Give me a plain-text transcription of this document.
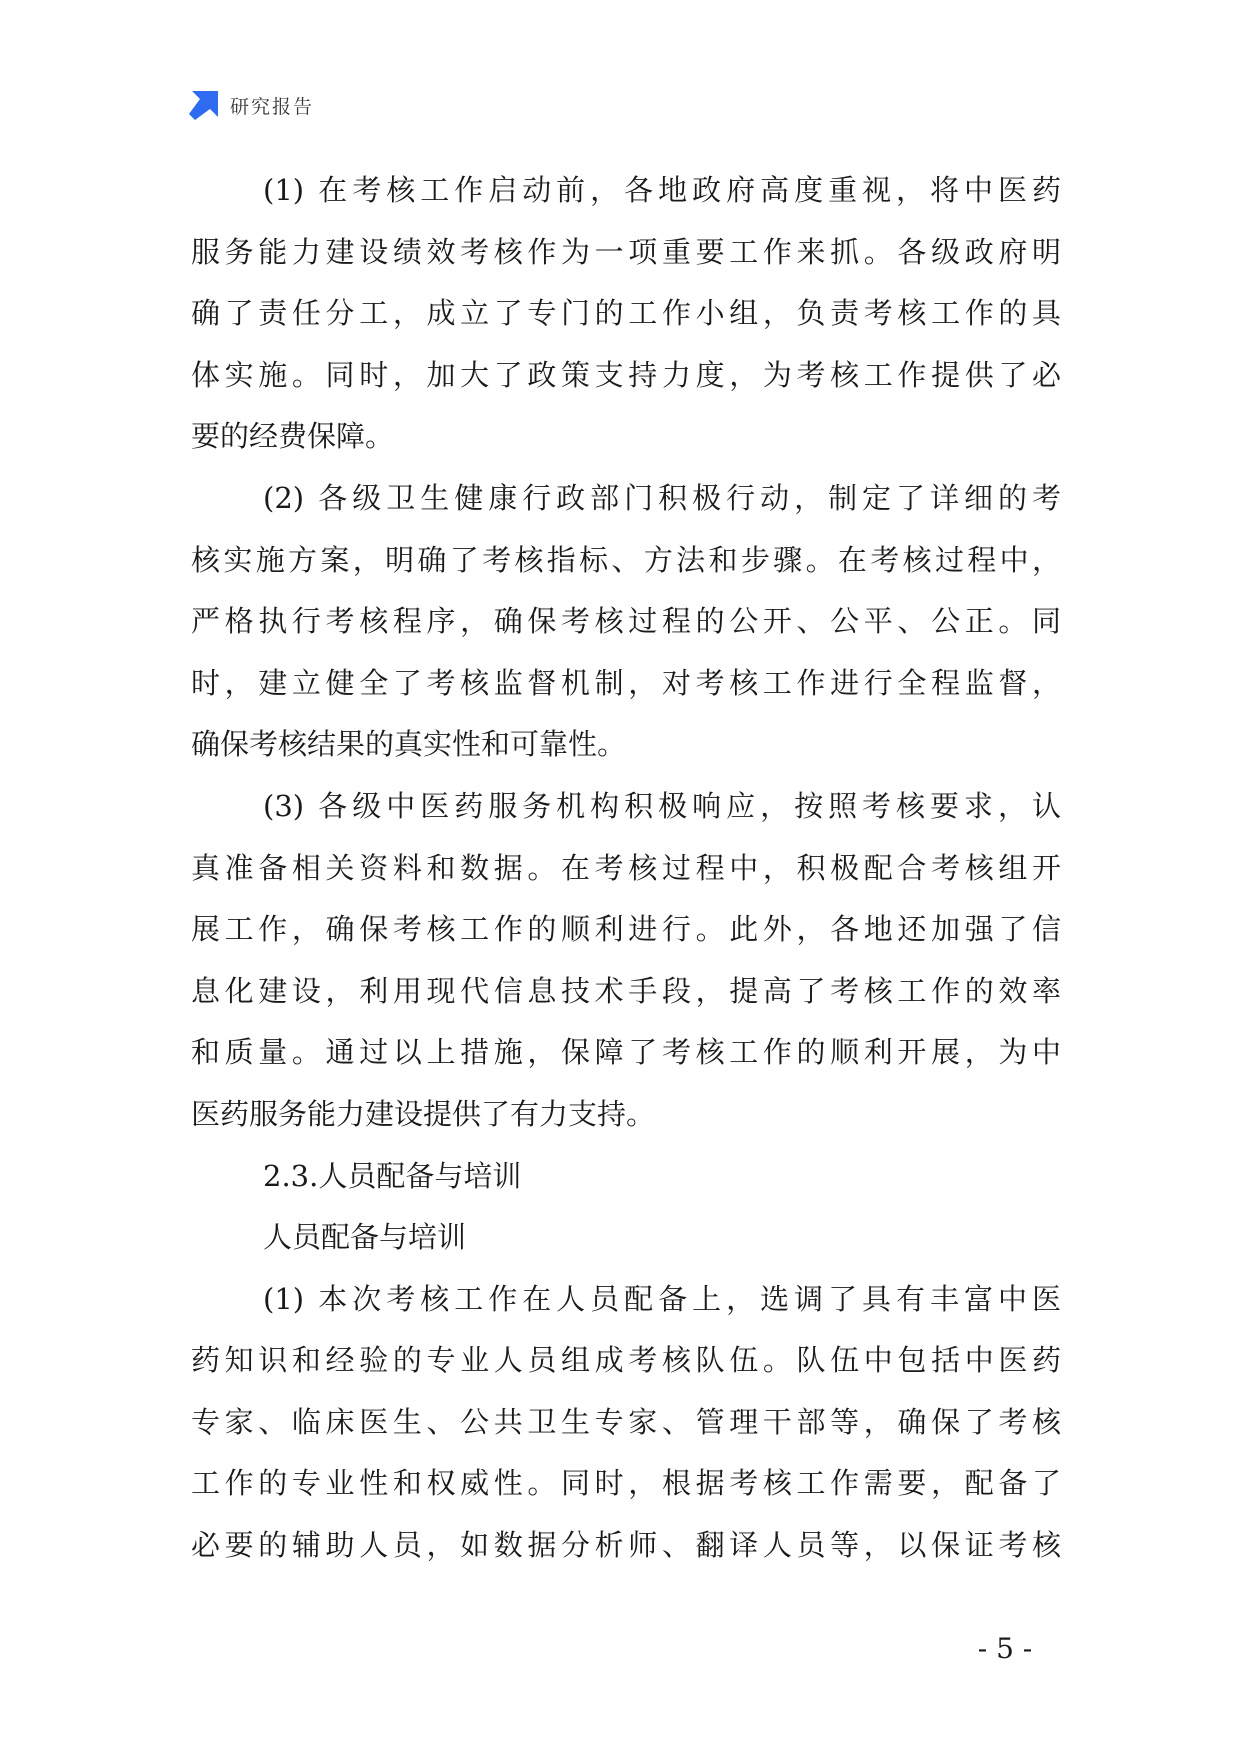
研究报告
(1) 在考核工作启动前，各地政府高度重视，将中医药
服务能力建设绩效考核作为一项重要工作来抓。各级政府明
确了责任分工，成立了专门的工作小组，负责考核工作的具
体实施。同时，加大了政策支持力度，为考核工作提供了必
要的经费保障。
(2) 各级卫生健康行政部门积极行动，制定了详细的考
核实施方案，明确了考核指标、方法和步骤。在考核过程中，
严格执行考核程序，确保考核过程的公开、公平、公正。同
时，建立健全了考核监督机制，对考核工作进行全程监督，
确保考核结果的真实性和可靠性。
(3) 各级中医药服务机构积极响应，按照考核要求，认
真准备相关资料和数据。在考核过程中，积极配合考核组开
展工作，确保考核工作的顺利进行。此外，各地还加强了信
息化建设，利用现代信息技术手段，提高了考核工作的效率
和质量。通过以上措施，保障了考核工作的顺利开展，为中
医药服务能力建设提供了有力支持。
2.3.人员配备与培训
人员配备与培训
(1) 本次考核工作在人员配备上，选调了具有丰富中医
药知识和经验的专业人员组成考核队伍。队伍中包括中医药
专家、临床医生、公共卫生专家、管理干部等，确保了考核
工作的专业性和权威性。同时，根据考核工作需要，配备了
必要的辅助人员，如数据分析师、翻译人员等，以保证考核
- 5 -
